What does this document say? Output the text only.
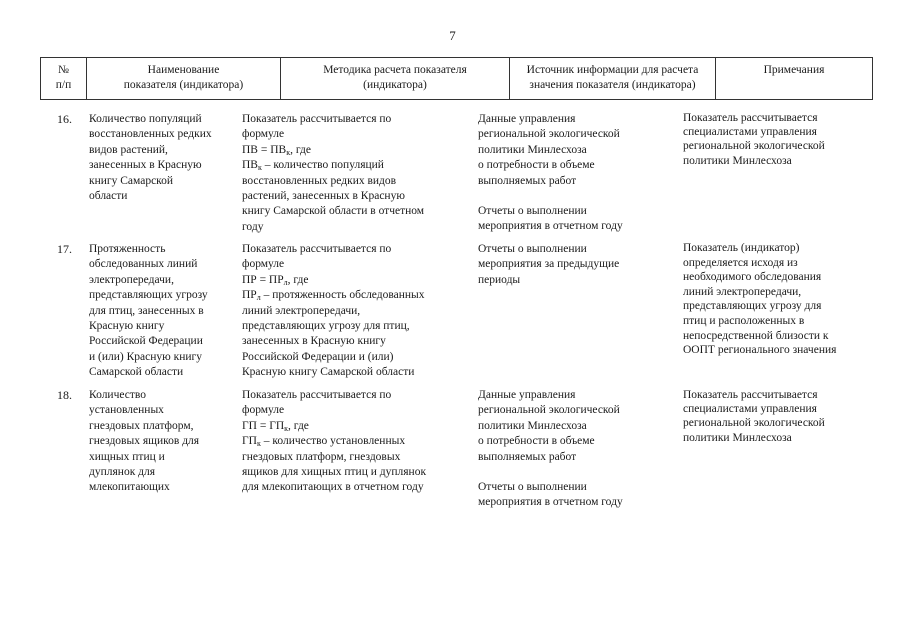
7
№
п/п
Наименование
показателя (индикатора)
Методика расчета показателя
(индикатора)
Источник информации для расчета
значения показателя (индикатора)
Примечания
16. Количество популяций
восстановленных редких
видов растений,
занесенных в Красную
книгу Самарской
области
Показатель рассчитывается по
формуле
ПВ = $ПВ_к$, где
$ПВ_к$ – количество популяций
восстановленных редких видов
растений, занесенных в Красную
книгу Самарской области в отчетном
году
Данные управления
региональной экологической
политики Минлесхоза
о потребности в объеме
выполняемых работ
Отчеты о выполнении
мероприятия в отчетном году
Показатель рассчитывается
специалистами управления
региональной экологической
политики Минлесхоза
17. Протяженность
обследованных линий
электропередачи,
представляющих угрозу
для птиц, занесенных в
Красную книгу
Российской Федерации
и (или) Красную книгу
Самарской области
Показатель рассчитывается по
формуле
ПР = $ПР_л$, где
$ПР_л$ – протяженность обследованных
линий электропередачи,
представляющих угрозу для птиц,
занесенных в Красную книгу
Российской Федерации и (или)
Красную книгу Самарской области
Отчеты о выполнении
мероприятия за предыдущие
периоды
Показатель (индикатор)
определяется исходя из
необходимого обследования
линий электропередачи,
представляющих угрозу для
птиц и расположенных в
непосредственной близости к
ООПТ регионального значения
18. Количество
установленных
гнездовых платформ,
гнездовых ящиков для
хищных птиц и
дуплянок для
млекопитающих
Показатель рассчитывается по
формуле
ГП = $ГП_к$, где
$ГП_к$ – количество установленных
гнездовых платформ, гнездовых
ящиков для хищных птиц и дуплянок
для млекопитающих в отчетном году
Данные управления
региональной экологической
политики Минлесхоза
о потребности в объеме
выполняемых работ
Отчеты о выполнении
мероприятия в отчетном году
Показатель рассчитывается
специалистами управления
региональной экологической
политики Минлесхоза
